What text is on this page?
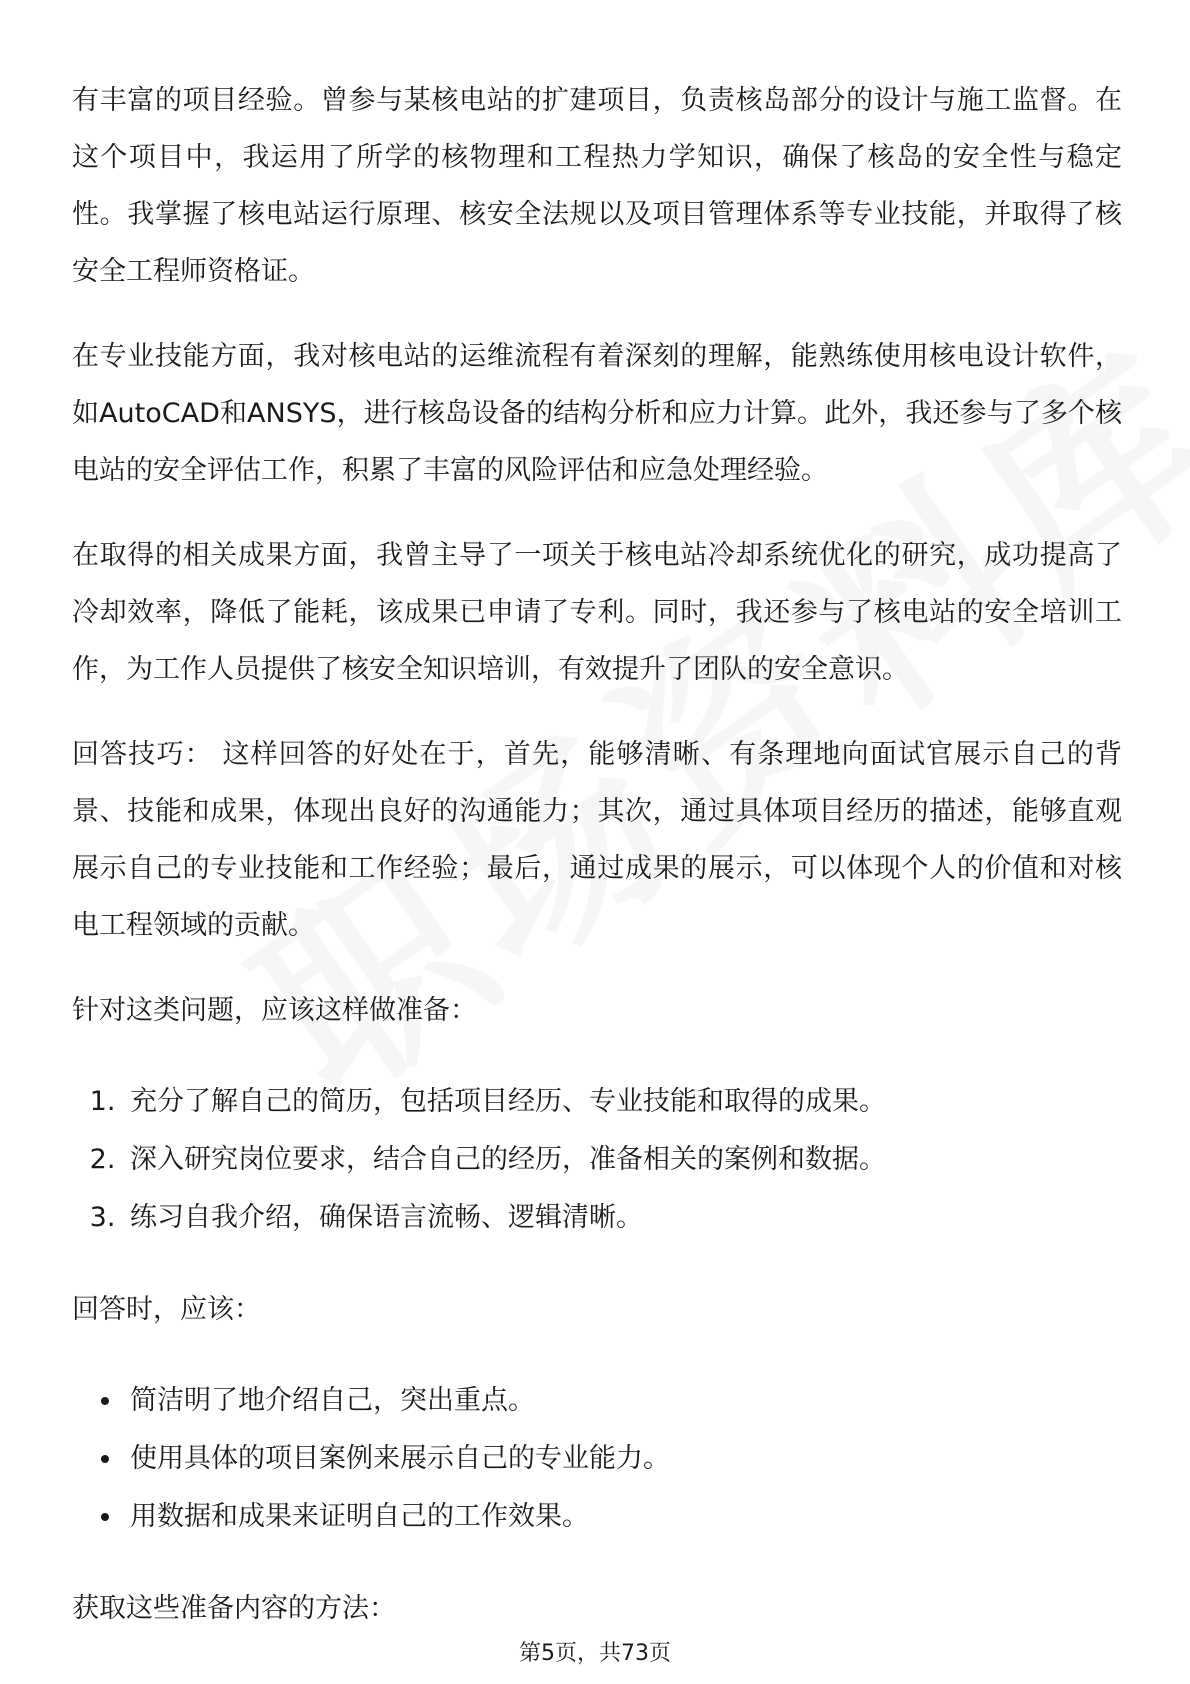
有丰富的项目经验。曾参与某核电站的扩建项目，负责核岛部分的设计与施工监督。在这个项目中，我运用了所学的核物理和工程热力学知识，确保了核岛的安全性与稳定性。我掌握了核电站运行原理、核安全法规以及项目管理体系等专业技能，并取得了核安全工程师资格证。

在专业技能方面，我对核电站的运维流程有着深刻的理解，能熟练使用核电设计软件，如AutoCAD和ANSYS，进行核岛设备的结构分析和应力计算。此外，我还参与了多个核电站的安全评估工作，积累了丰富的风险评估和应急处理经验。

在取得的相关成果方面，我曾主导了一项关于核电站冷却系统优化的研究，成功提高了冷却效率，降低了能耗，该成果已申请了专利。同时，我还参与了核电站的安全培训工作，为工作人员提供了核安全知识培训，有效提升了团队的安全意识。

回答技巧： 这样回答的好处在于，首先，能够清晰、有条理地向面试官展示自己的背景、技能和成果，体现出良好的沟通能力；其次，通过具体项目经历的描述，能够直观展示自己的专业技能和工作经验；最后，通过成果的展示，可以体现个人的价值和对核电工程领域的贡献。

针对这类问题，应该这样做准备：

1. 充分了解自己的简历，包括项目经历、专业技能和取得的成果。
2. 深入研究岗位要求，结合自己的经历，准备相关的案例和数据。
3. 练习自我介绍，确保语言流畅、逻辑清晰。

回答时，应该：

• 简洁明了地介绍自己，突出重点。
• 使用具体的项目案例来展示自己的专业能力。
• 用数据和成果来证明自己的工作效果。

获取这些准备内容的方法：

第5页，共73页
